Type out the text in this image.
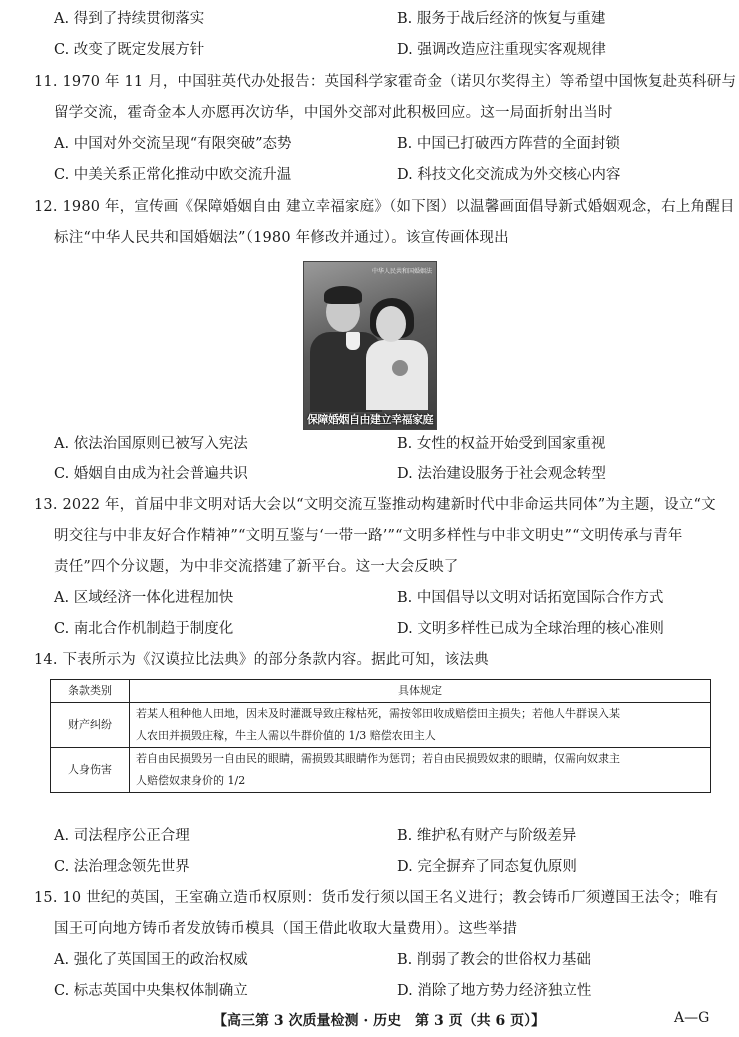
A. 得到了持续贯彻落实	B. 服务于战后经济的恢复与重建
C. 改变了既定发展方针	D. 强调改造应注重现实客观规律
11. 1970 年 11 月，中国驻英代办处报告：英国科学家霍奇金（诺贝尔奖得主）等希望中国恢复赴英科研与
留学交流，霍奇金本人亦愿再次访华，中国外交部对此积极回应。这一局面折射出当时
A. 中国对外交流呈现“有限突破”态势	B. 中国已打破西方阵营的全面封锁
C. 中美关系正常化推动中欧交流升温	D. 科技文化交流成为外交核心内容
12. 1980 年，宣传画《保障婚姻自由 建立幸福家庭》（如下图）以温馨画面倡导新式婚姻观念，右上角醒目
标注“中华人民共和国婚姻法”（1980 年修改并通过）。该宣传画体现出
中华人民共和国婚姻法
保障婚姻自由建立幸福家庭
A. 依法治国原则已被写入宪法	B. 女性的权益开始受到国家重视
C. 婚姻自由成为社会普遍共识	D. 法治建设服务于社会观念转型
13. 2022 年，首届中非文明对话大会以“文明交流互鉴推动构建新时代中非命运共同体”为主题，设立“文
明交往与中非友好合作精神”“文明互鉴与‘一带一路’”“文明多样性与中非文明史”“文明传承与青年
责任”四个分议题，为中非交流搭建了新平台。这一大会反映了
A. 区域经济一体化进程加快	B. 中国倡导以文明对话拓宽国际合作方式
C. 南北合作机制趋于制度化	D. 文明多样性已成为全球治理的核心准则
14. 下表所示为《汉谟拉比法典》的部分条款内容。据此可知，该法典
条款类别	具体规定
财产纠纷	若某人租种他人田地，因未及时灌溉导致庄稼枯死，需按邻田收成赔偿田主损失；若他人牛群误入某
人农田并损毁庄稼，牛主人需以牛群价值的 1/3 赔偿农田主人

人身伤害	若自由民损毁另一自由民的眼睛，需损毁其眼睛作为惩罚；若自由民损毁奴隶的眼睛，仅需向奴隶主
人赔偿奴隶身价的 1/2
A. 司法程序公正合理	B. 维护私有财产与阶级差异
C. 法治理念领先世界	D. 完全摒弃了同态复仇原则
15. 10 世纪的英国，王室确立造币权原则：货币发行须以国王名义进行；教会铸币厂须遵国王法令；唯有
国王可向地方铸币者发放铸币模具（国王借此收取大量费用）。这些举措
A. 强化了英国国王的政治权威	B. 削弱了教会的世俗权力基础
C. 标志英国中央集权体制确立	D. 消除了地方势力经济独立性
【高三第 3 次质量检测 · 历史　第 3 页（共 6 页）】	A—G
